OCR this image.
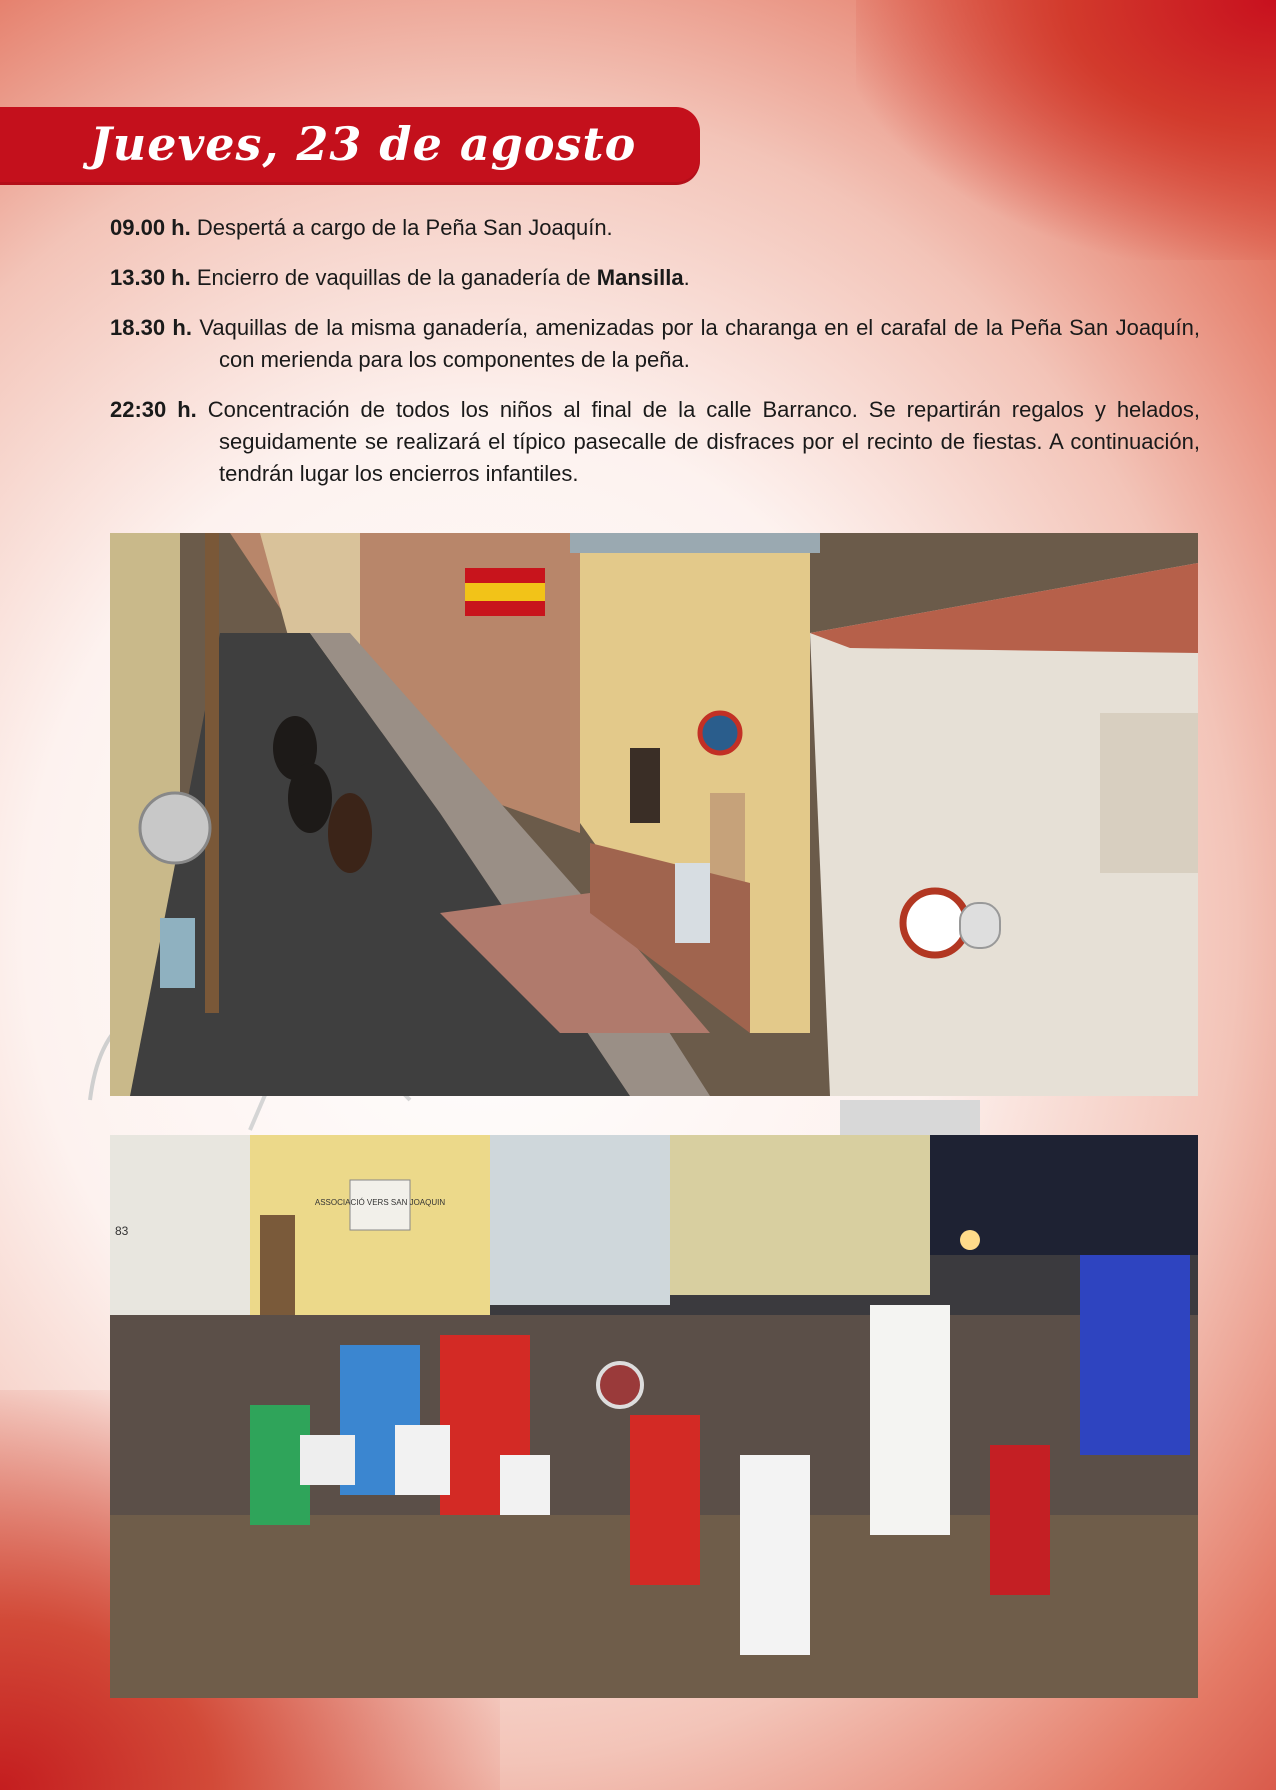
Jueves, 23 de agosto
09.00 h. Despertá a cargo de la Peña San Joaquín.
13.30 h. Encierro de vaquillas de la ganadería de Mansilla.
18.30 h. Vaquillas de la misma ganadería, amenizadas por la charanga en el carafal de la Peña San Joaquín, con merienda para los componentes de la peña.
22:30 h. Concentración de todos los niños al final de la calle Barranco. Se repartirán regalos y helados, seguidamente se realizará el típico pasecalle de disfraces por el recinto de fiestas. A continuación, tendrán lugar los encierros infantiles.
ASSOCIACIÓ VERS SAN JOAQUIN
83
